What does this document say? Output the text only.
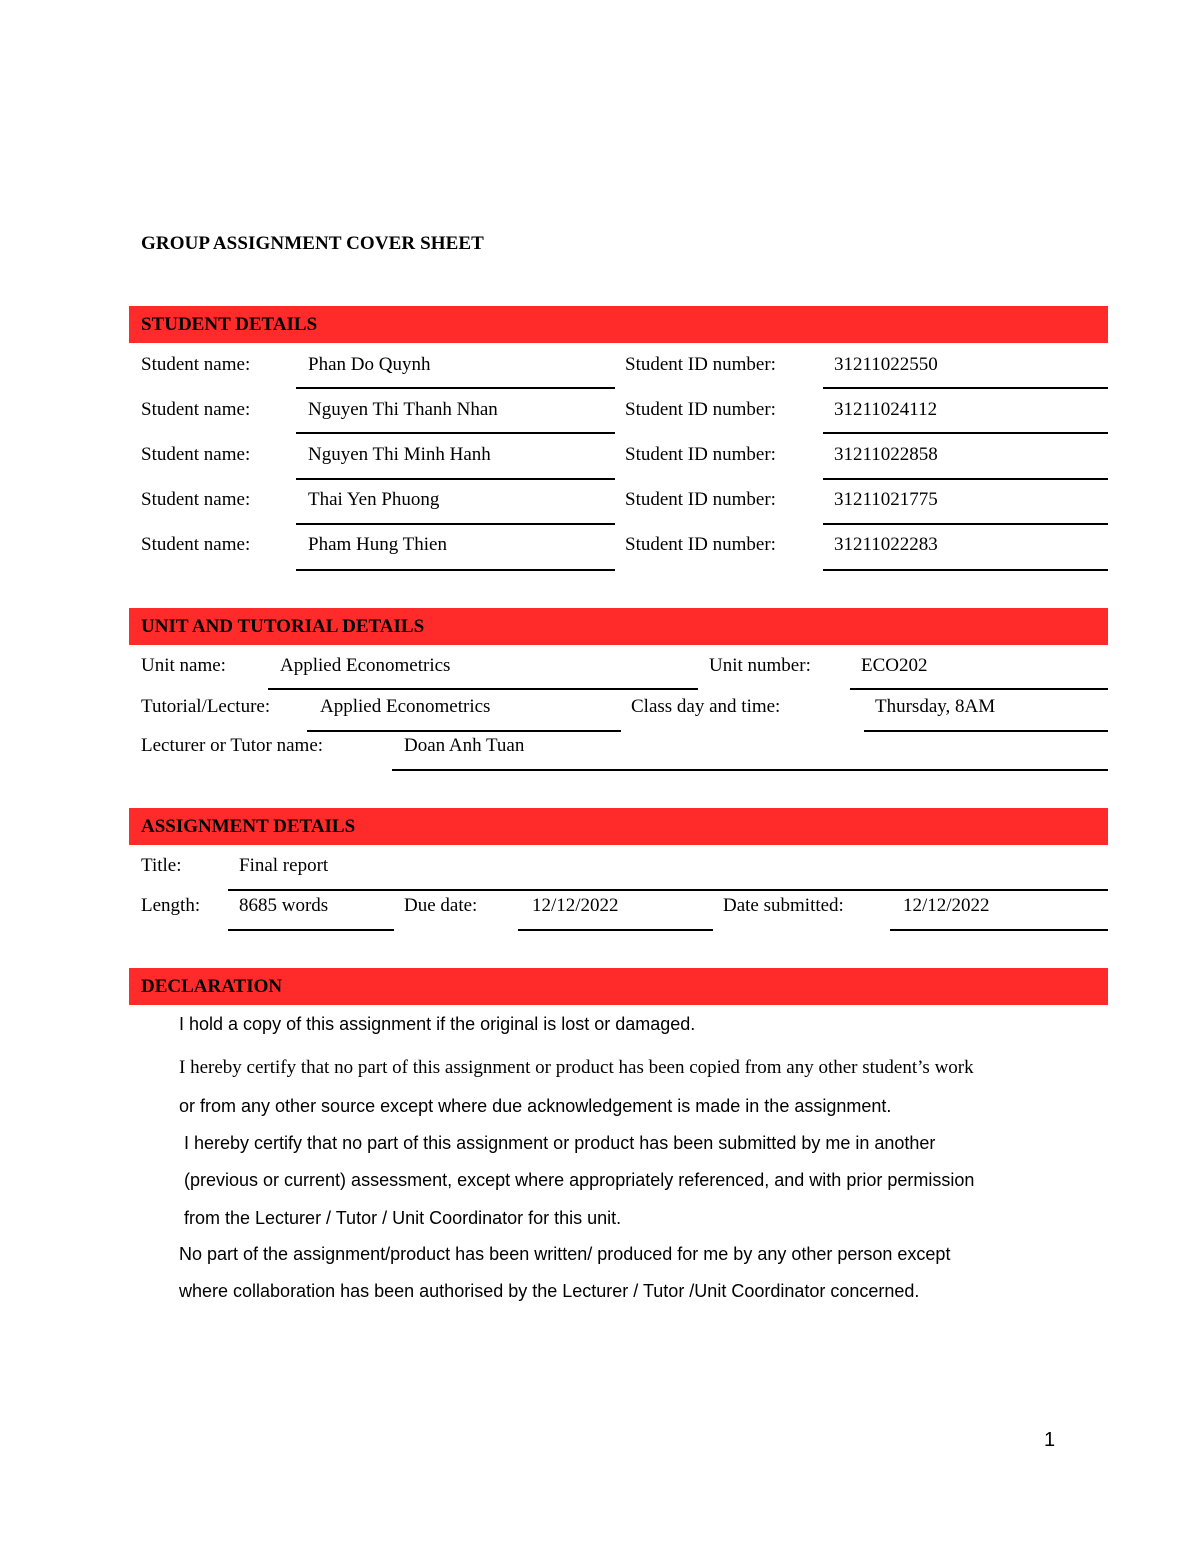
GROUP ASSIGNMENT COVER SHEET
STUDENT DETAILS
Student name:	Phan Do Quynh	Student ID number:	31211022550
Student name:	Nguyen Thi Thanh Nhan	Student ID number:	31211024112
Student name:	Nguyen Thi Minh Hanh	Student ID number:	31211022858
Student name:	Thai Yen Phuong	Student ID number:	31211021775
Student name:	Pham Hung Thien	Student ID number:	31211022283
UNIT AND TUTORIAL DETAILS
Unit name:	Applied Econometrics	Unit number:	ECO202
Tutorial/Lecture:	Applied Econometrics	Class day and time:	Thursday, 8AM
Lecturer or Tutor name:	Doan Anh Tuan
ASSIGNMENT DETAILS
Title:	Final report
Length: 8685 words	Due date:	12/12/2022	Date submitted:	12/12/2022
DECLARATION
I hold a copy of this assignment if the original is lost or damaged.
I hereby certify that no part of this assignment or product has been copied from any other student’s work
or from any other source except where due acknowledgement is made in the assignment.
I hereby certify that no part of this assignment or product has been submitted by me in another
(previous or current) assessment, except where appropriately referenced, and with prior permission
from the Lecturer / Tutor / Unit Coordinator for this unit.
No part of the assignment/product has been written/ produced for me by any other person except
where collaboration has been authorised by the Lecturer / Tutor /Unit Coordinator concerned.
1
